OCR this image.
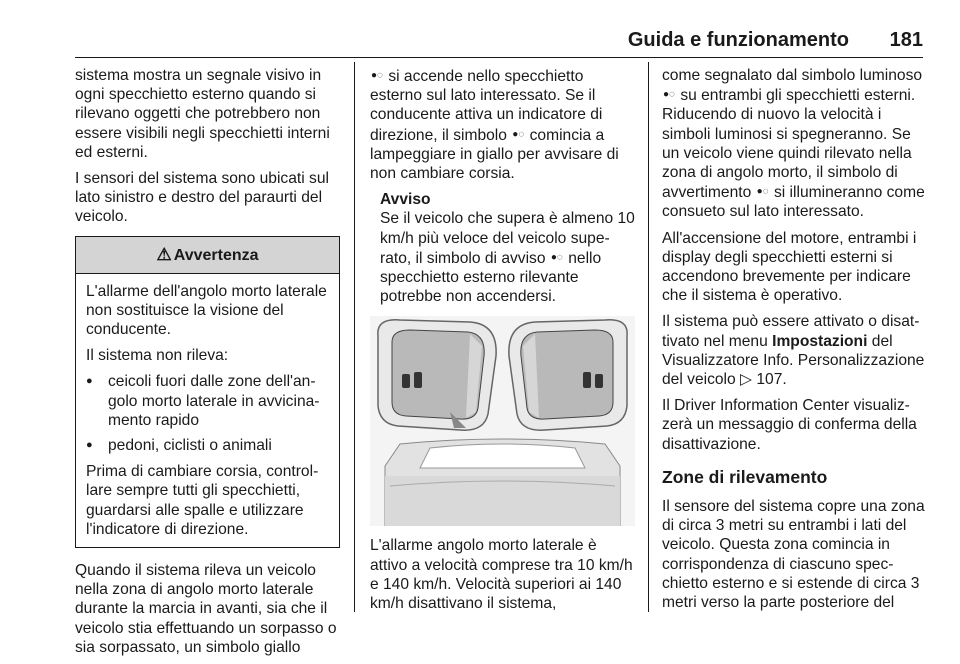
Guida e funzionamento 181

sistema mostra un segnale visivo in ogni specchietto esterno quando si rilevano oggetti che potrebbero non essere visibili negli specchietti interni ed esterni.

I sensori del sistema sono ubicati sul lato sinistro e destro del paraurti del veicolo.

⚠ Avvertenza

L'allarme dell'angolo morto laterale non sostituisce la visione del conducente.

Il sistema non rileva:

● ceicoli fuori dalle zone dell'angolo morto laterale in avvicinamento rapido
● pedoni, ciclisti o animali

Prima di cambiare corsia, controllare sempre tutti gli specchietti, guardarsi alle spalle e utilizzare l'indicatore di direzione.

Quando il sistema rileva un veicolo nella zona di angolo morto laterale durante la marcia in avanti, sia che il veicolo stia effettuando un sorpasso o sia sorpassato, un simbolo giallo

●◌ si accende nello specchietto esterno sul lato interessato. Se il conducente attiva un indicatore di direzione, il simbolo ●◌ comincia a lampeggiare in giallo per avvisare di non cambiare corsia.

Avviso
Se il veicolo che supera è almeno 10 km/h più veloce del veicolo superato, il simbolo di avviso ●◌ nello specchietto esterno rilevante potrebbe non accendersi.

L'allarme angolo morto laterale è attivo a velocità comprese tra 10 km/h e 140 km/h. Velocità superiori ai 140 km/h disattivano il sistema,

come segnalato dal simbolo luminoso ●◌ su entrambi gli specchietti esterni. Riducendo di nuovo la velocità i simboli luminosi si spegneranno. Se un veicolo viene quindi rilevato nella zona di angolo morto, il simbolo di avvertimento ●◌ si illumineranno come consueto sul lato interessato.

All'accensione del motore, entrambi i display degli specchietti esterni si accendono brevemente per indicare che il sistema è operativo.

Il sistema può essere attivato o disattivato nel menu Impostazioni del Visualizzatore Info. Personalizzazione del veicolo ▷ 107.

Il Driver Information Center visualizzerà un messaggio di conferma della disattivazione.

Zone di rilevamento

Il sensore del sistema copre una zona di circa 3 metri su entrambi i lati del veicolo. Questa zona comincia in corrispondenza di ciascuno specchietto esterno e si estende di circa 3 metri verso la parte posteriore del
